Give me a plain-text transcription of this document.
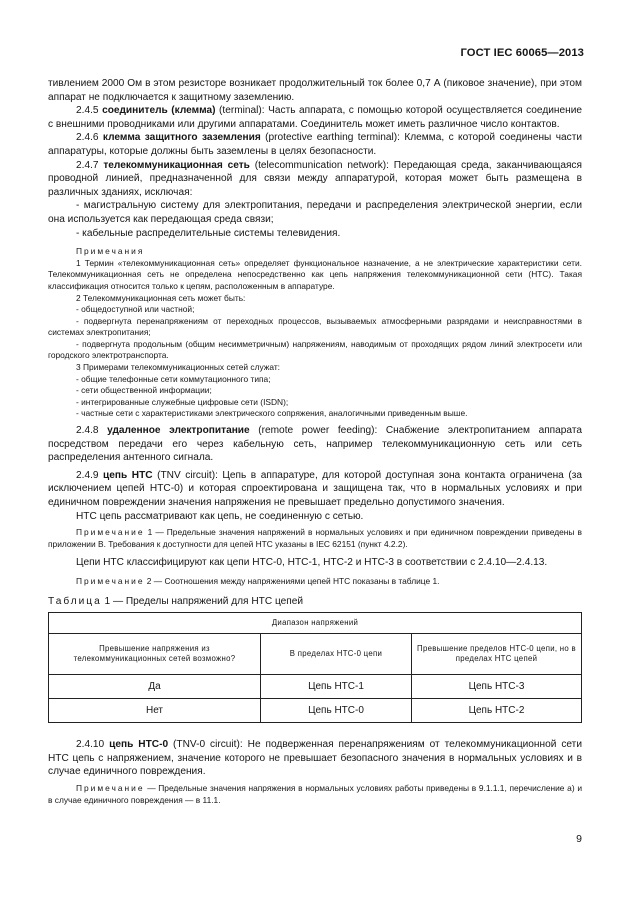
ГОСТ IEC 60065—2013

тивлением 2000 Ом в этом резисторе возникает продолжительный ток более 0,7 А (пиковое значение), при этом аппарат не подключается к защитному заземлению.

2.4.5 соединитель (клемма) (terminal): Часть аппарата, с помощью которой осуществляется соединение с внешними проводниками или другими аппаратами. Соединитель может иметь различное число контактов.

2.4.6 клемма защитного заземления (protective earthing terminal): Клемма, с которой соединены части аппаратуры, которые должны быть заземлены в целях безопасности.

2.4.7 телекоммуникационная сеть (telecommunication network): Передающая среда, заканчивающаяся проводной линией, предназначенной для связи между аппаратурой, которая может быть размещена в различных зданиях, исключая:

- магистральную систему для электропитания, передачи и распределения электрической энергии, если она используется как передающая среда связи;

- кабельные распределительные системы телевидения.

Примечания

1 Термин «телекоммуникационная сеть» определяет функциональное назначение, а не электрические характеристики сети. Телекоммуникационная сеть не определена непосредственно как цепь напряжения телекоммуникационной сети (НТС). Такая классификация относится только к цепям, расположенным в аппаратуре.

2 Телекоммуникационная сеть может быть:

- общедоступной или частной;

- подвергнута перенапряжениям от переходных процессов, вызываемых атмосферными разрядами и неисправностями в системах электропитания;

- подвергнута продольным (общим несимметричным) напряжениям, наводимым от проходящих рядом линий электросети или городского электротранспорта.

3 Примерами телекоммуникационных сетей служат:

- общие телефонные сети коммутационного типа;

- сети общественной информации;

- интегрированные служебные цифровые сети (ISDN);

- частные сети с характеристиками электрического сопряжения, аналогичными приведенным выше.

2.4.8 удаленное электропитание (remote power feeding): Снабжение электропитанием аппарата посредством передачи его через кабельную сеть, например телекоммуникационную сеть или сеть распределения антенного сигнала.

2.4.9 цепь НТС (TNV circuit): Цепь в аппаратуре, для которой доступная зона контакта ограничена (за исключением цепей НТС-0) и которая спроектирована и защищена так, что в нормальных условиях и при единичном повреждении значения напряжения не превышает предельно допустимого значения.

НТС цепь рассматривают как цепь, не соединенную с сетью.

Примечание 1 — Предельные значения напряжений в нормальных условиях и при единичном повреждении приведены в приложении В. Требования к доступности для цепей НТС указаны в IEC 62151 (пункт 4.2.2).

Цепи НТС классифицируют как цепи НТС-0, НТС-1, НТС-2 и НТС-3 в соответствии с 2.4.10—2.4.13.

Примечание 2 — Соотношения между напряжениями цепей НТС показаны в таблице 1.

Таблица 1 — Пределы напряжений для НТС цепей

Диапазон напряжений		
Превышение напряжения из телекоммуникационных сетей возможно?	В пределах НТС-0 цепи	Превышение пределов НТС-0 цепи, но в пределах НТС цепей
Да	Цепь НТС-1	Цепь НТС-3
Нет	Цепь НТС-0	Цепь НТС-2

2.4.10 цепь НТС-0 (TNV-0 circuit): Не подверженная перенапряжениям от телекоммуникационной сети НТС цепь с напряжением, значение которого не превышает безопасного значения в нормальных условиях и в случае единичного повреждения.

Примечание — Предельные значения напряжения в нормальных условиях работы приведены в 9.1.1.1, перечисление а) и в случае единичного повреждения — в 11.1.

9
